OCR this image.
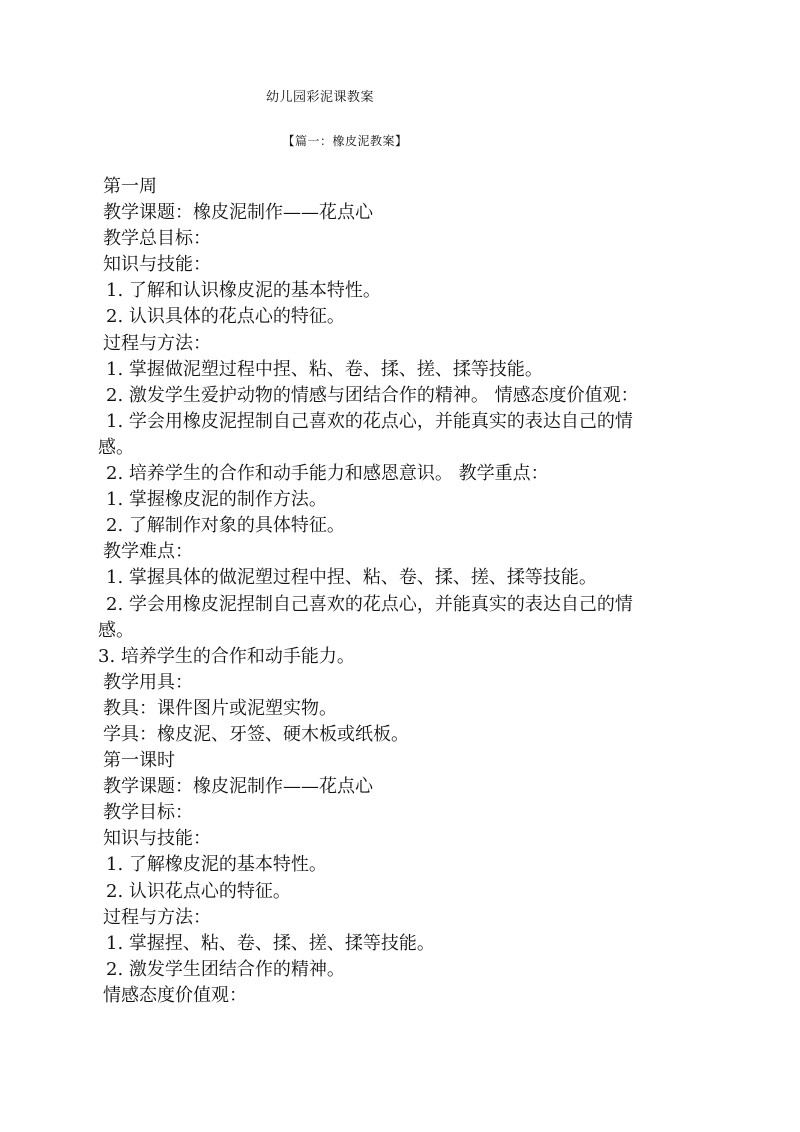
幼儿园彩泥课教案
【篇一：橡皮泥教案】
第一周
教学课题：橡皮泥制作——花点心
教学总目标：
知识与技能：
1. 了解和认识橡皮泥的基本特性。
2. 认识具体的花点心的特征。
过程与方法：
1. 掌握做泥塑过程中捏、粘、卷、揉、搓、揉等技能。
2. 激发学生爱护动物的情感与团结合作的精神。 情感态度价值观：
1. 学会用橡皮泥捏制自己喜欢的花点心，并能真实的表达自己的情
感。
2. 培养学生的合作和动手能力和感恩意识。 教学重点：
1. 掌握橡皮泥的制作方法。
2. 了解制作对象的具体特征。
教学难点：
1. 掌握具体的做泥塑过程中捏、粘、卷、揉、搓、揉等技能。
2. 学会用橡皮泥捏制自己喜欢的花点心，并能真实的表达自己的情
感。
3. 培养学生的合作和动手能力。
教学用具：
教具：课件图片或泥塑实物。
学具：橡皮泥、牙签、硬木板或纸板。
第一课时
教学课题：橡皮泥制作——花点心
教学目标：
知识与技能：
1. 了解橡皮泥的基本特性。
2. 认识花点心的特征。
过程与方法：
1. 掌握捏、粘、卷、揉、搓、揉等技能。
2. 激发学生团结合作的精神。
情感态度价值观：
